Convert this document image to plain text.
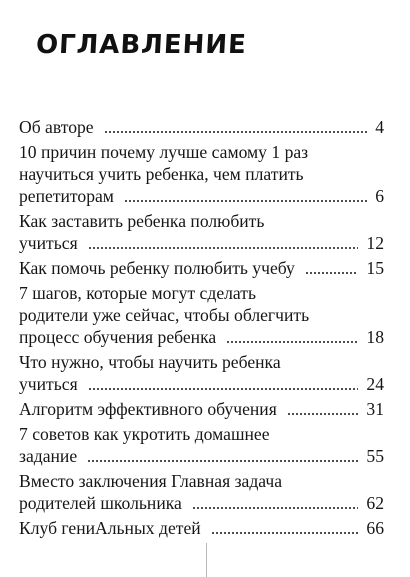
ОГЛАВЛЕНИЕ
Об авторе	4
10 причин почему лучше самому 1 раз
научиться учить ребенка, чем платить
репетиторам	6
Как заставить ребенка полюбить
учиться	12
Как помочь ребенку полюбить учебу	15
7 шагов, которые могут сделать
родители уже сейчас, чтобы облегчить
процесс обучения ребенка	18
Что нужно, чтобы научить ребенка
учиться	24
Алгоритм эффективного обучения	31
7 советов как укротить домашнее
задание	55
Вместо заключения Главная задача
родителей школьника	62
Клуб гениАльных детей	66
